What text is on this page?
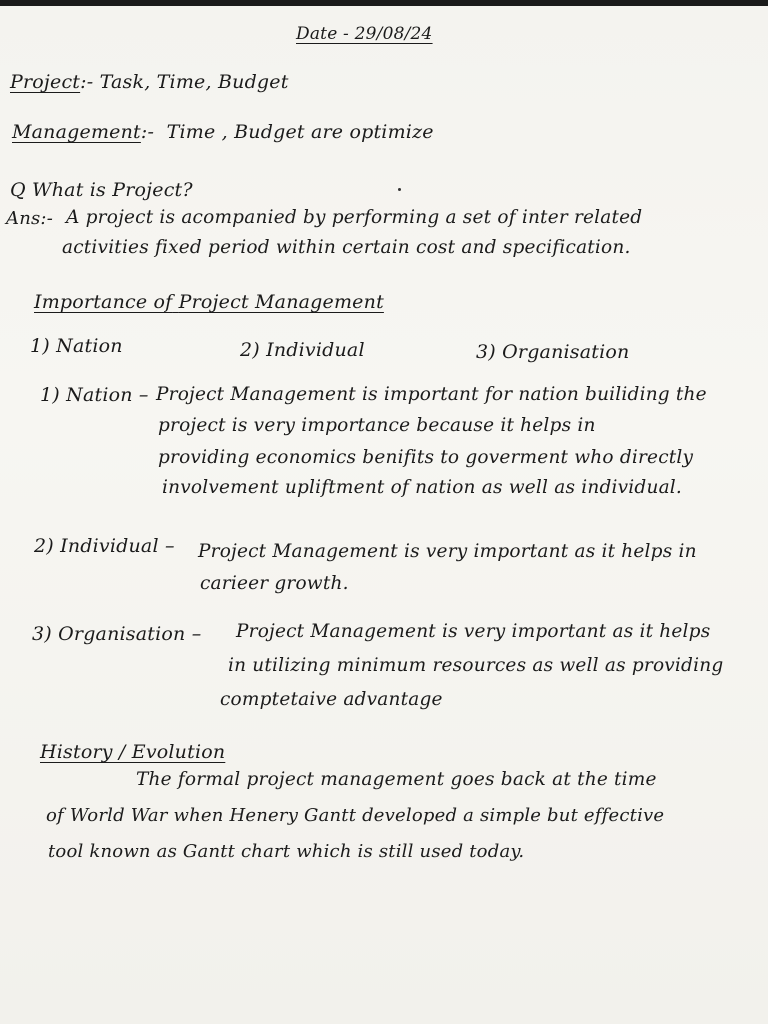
Date - 29/08/24
Project:- Task, Time, Budget
Management:- Time , Budget are optimize
Q What is Project?
Ans:- A project is acompanied by performing a set of inter related
activities fixed period within certain cost and specification.
Importance of Project Management
1) Nation	2) Individual	3) Organisation
1) Nation – Project Management is important for nation builiding the
project is very importance because it helps in
providing economics benifits to goverment who directly
involvement upliftment of nation as well as individual.
2) Individual – Project Management is very important as it helps in
carieer growth.
3) Organisation – Project Management is very important as it helps
in utilizing minimum resources as well as providing
comptetaive advantage
History / Evolution
The formal project management goes back at the time
of World War when Henery Gantt developed a simple but effective
tool known as Gantt chart which is still used today.
